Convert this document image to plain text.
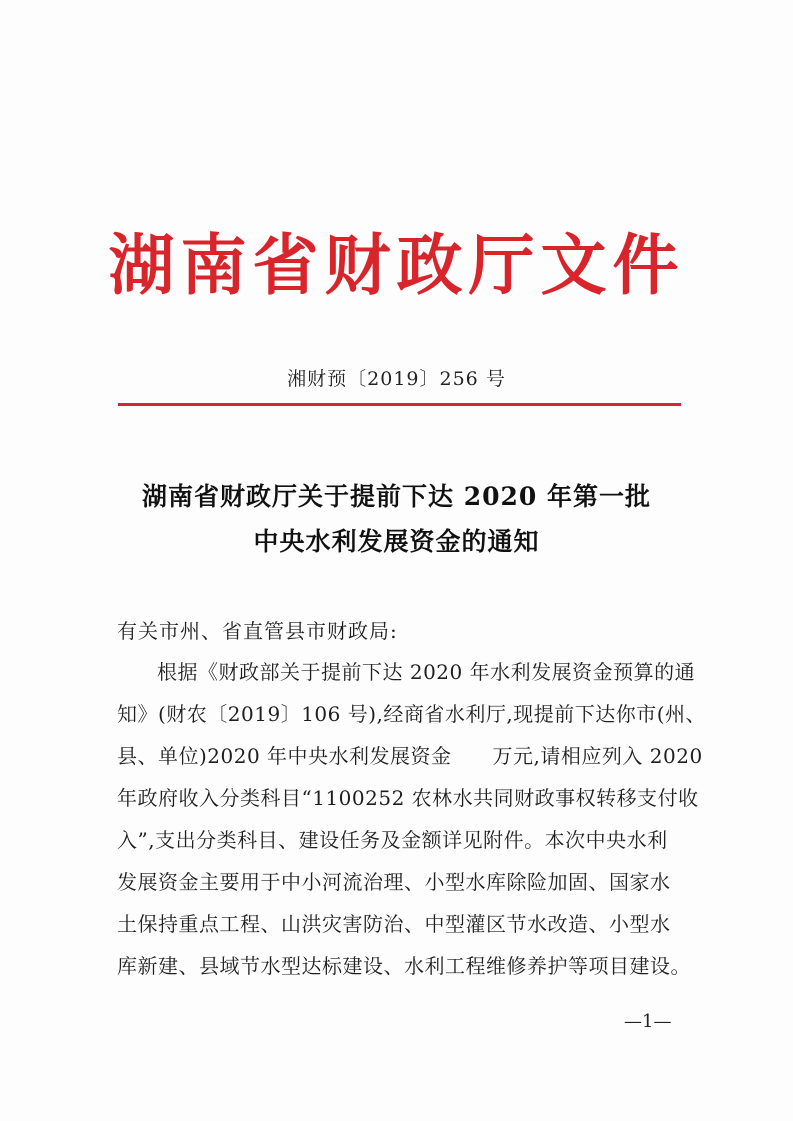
湖南省财政厅文件
湘财预〔2019〕256 号
湖南省财政厅关于提前下达 2020 年第一批
中央水利发展资金的通知
有关市州、省直管县市财政局:
根据《财政部关于提前下达 2020 年水利发展资金预算的通
知》(财农〔2019〕106 号),经商省水利厅,现提前下达你市(州、
县、单位)2020 年中央水利发展资金　　万元,请相应列入 2020
年政府收入分类科目“1100252 农林水共同财政事权转移支付收
入”,支出分类科目、建设任务及金额详见附件。本次中央水利
发展资金主要用于中小河流治理、小型水库除险加固、国家水
土保持重点工程、山洪灾害防治、中型灌区节水改造、小型水
库新建、县域节水型达标建设、水利工程维修养护等项目建设。
—1—
